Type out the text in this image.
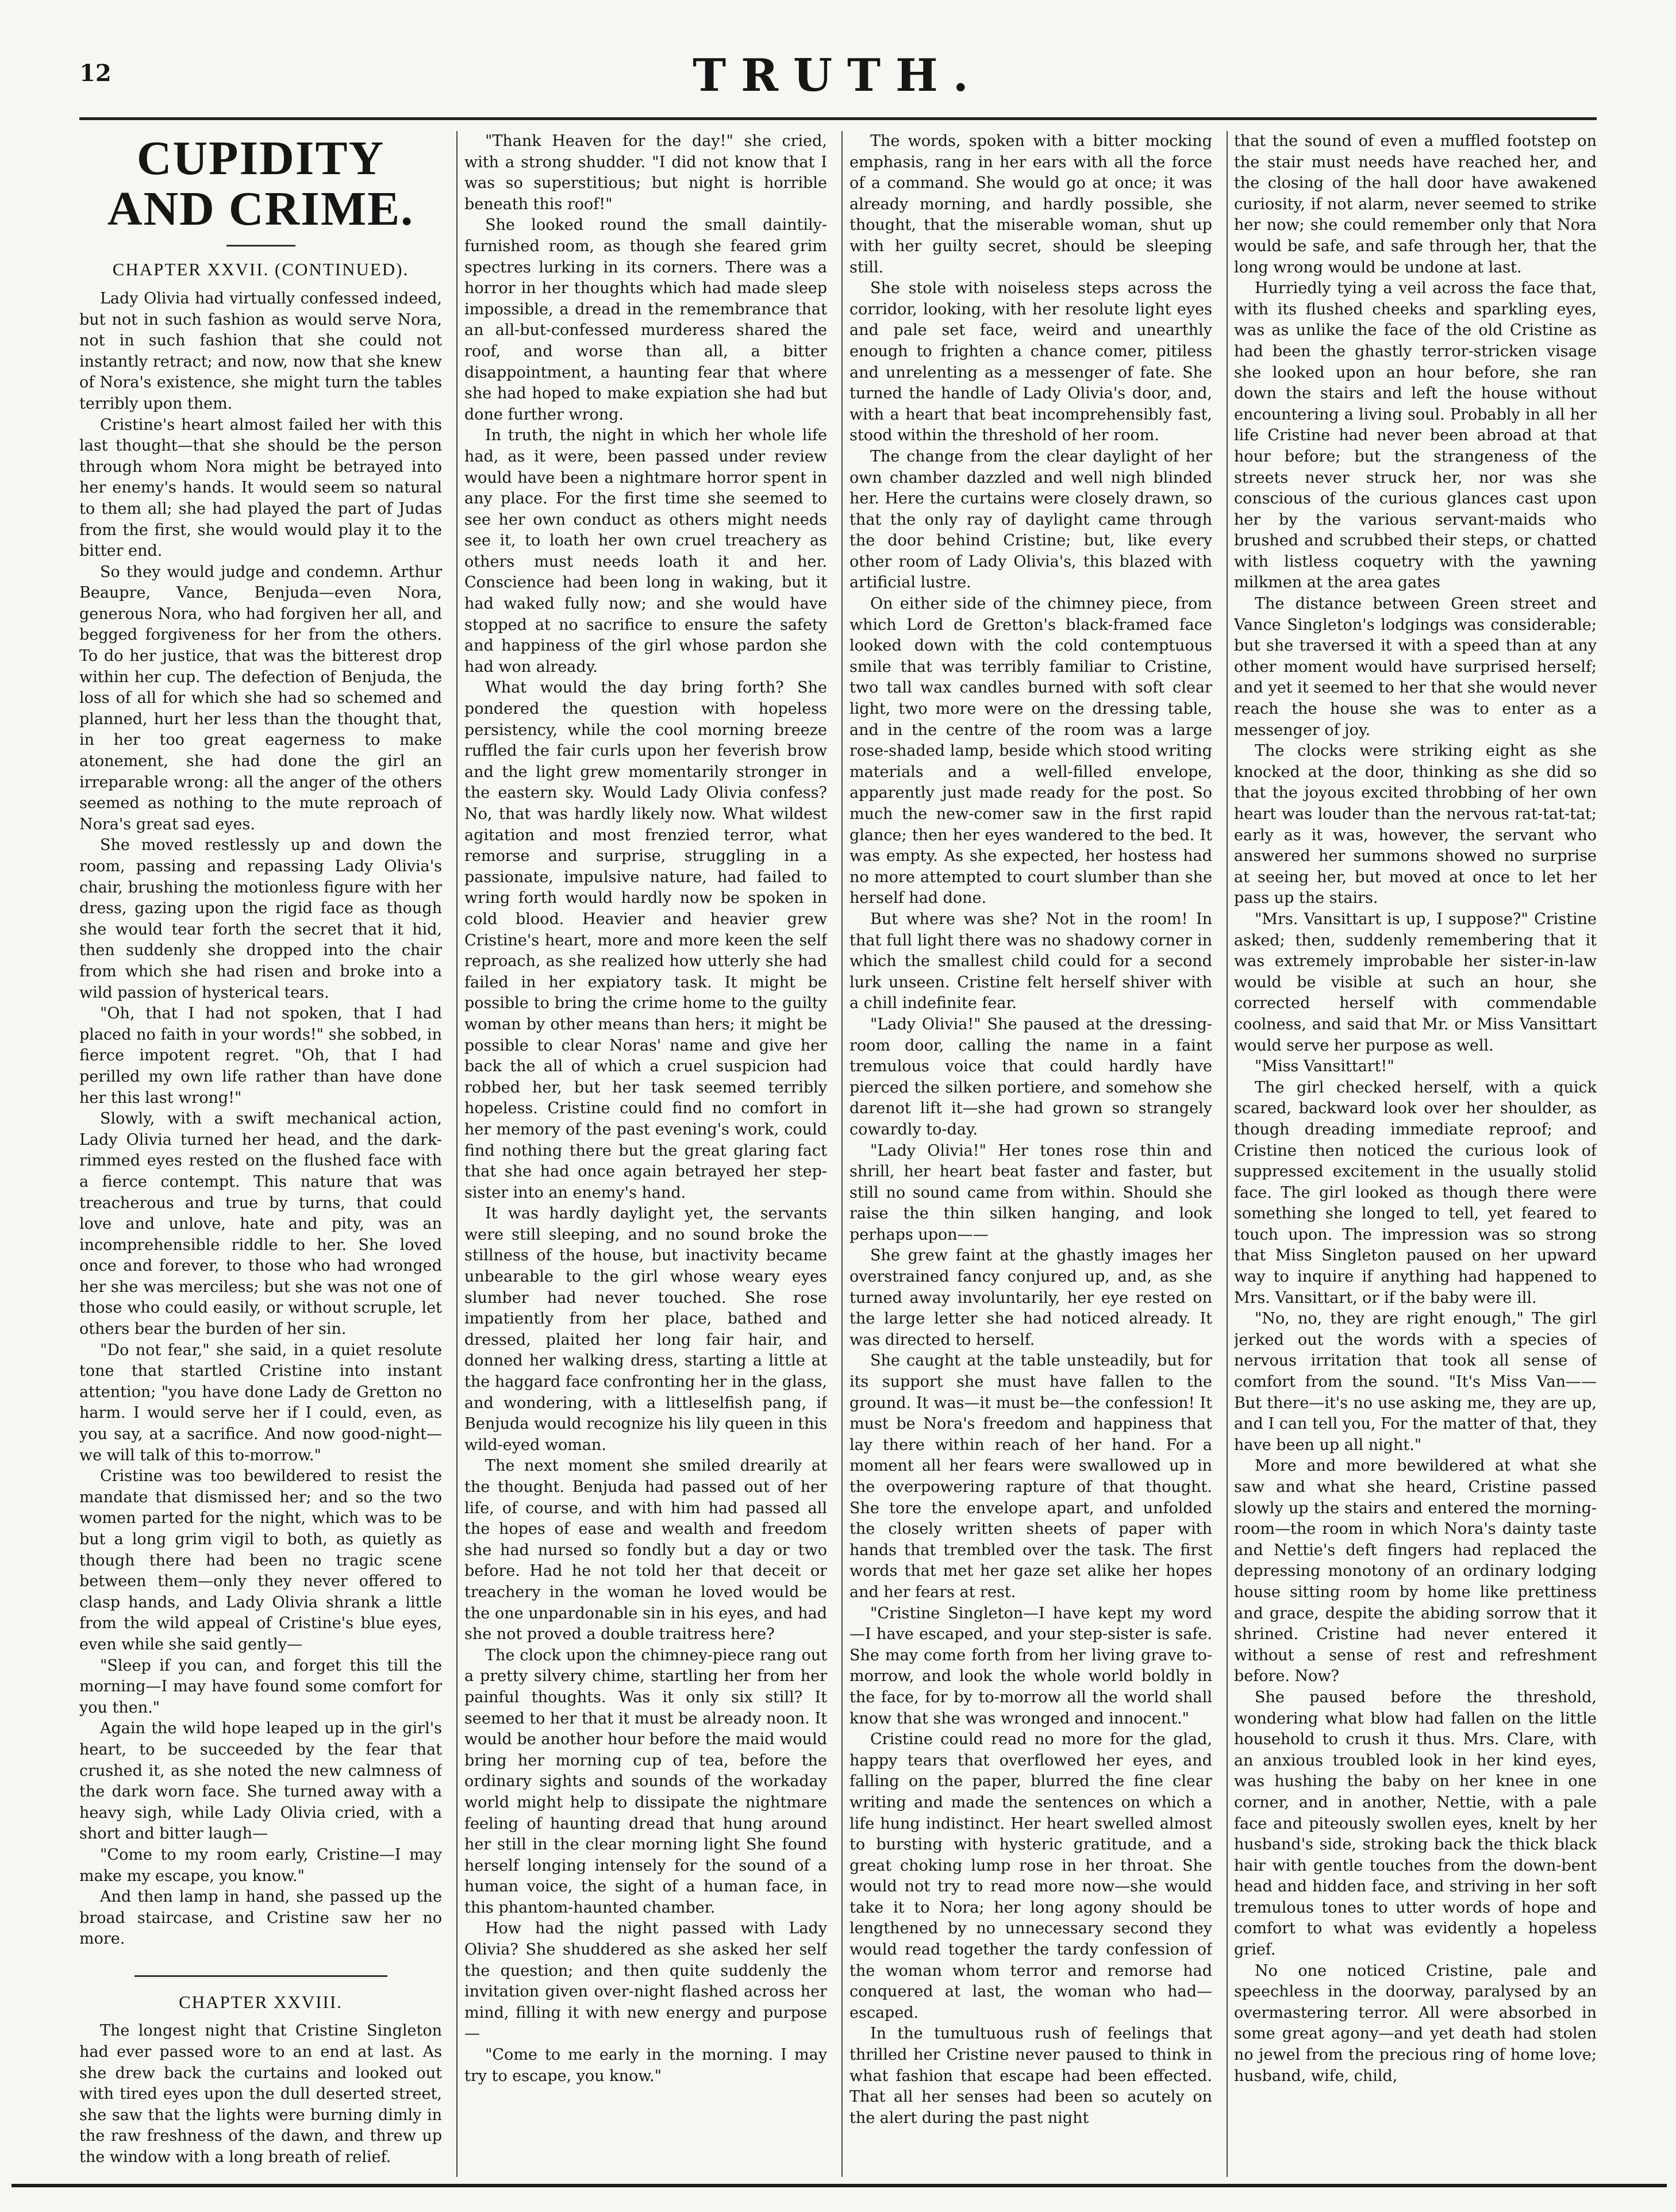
12	TRUTH.
CUPIDITY AND CRIME.
CHAPTER XXVII. (CONTINUED).

Lady Olivia had virtually confessed indeed, but not in such fashion as would serve Nora, not in such fashion that she could not instantly retract; and now, now that she knew of Nora's existence, she might turn the tables terribly upon them.

Cristine's heart almost failed her with this last thought—that she should be the person through whom Nora might be betrayed into her enemy's hands. It would seem so natural to them all; she had played the part of Judas from the first, she would would play it to the bitter end.

So they would judge and condemn. Arthur Beaupre, Vance, Benjuda—even Nora, generous Nora, who had forgiven her all, and begged forgiveness for her from the others. To do her justice, that was the bitterest drop within her cup. The defection of Benjuda, the loss of all for which she had so schemed and planned, hurt her less than the thought that, in her too great eagerness to make atonement, she had done the girl an irreparable wrong: all the anger of the others seemed as nothing to the mute reproach of Nora's great sad eyes.

She moved restlessly up and down the room, passing and repassing Lady Olivia's chair, brushing the motionless figure with her dress, gazing upon the rigid face as though she would tear forth the secret that it hid, then suddenly she dropped into the chair from which she had risen and broke into a wild passion of hysterical tears.

"Oh, that I had not spoken, that I had placed no faith in your words!" she sobbed, in fierce impotent regret. "Oh, that I had perilled my own life rather than have done her this last wrong!"

Slowly, with a swift mechanical action, Lady Olivia turned her head, and the dark-rimmed eyes rested on the flushed face with a fierce contempt. This nature that was treacherous and true by turns, that could love and unlove, hate and pity, was an incomprehensible riddle to her. She loved once and forever, to those who had wronged her she was merciless; but she was not one of those who could easily, or without scruple, let others bear the burden of her sin.

"Do not fear," she said, in a quiet resolute tone that startled Cristine into instant attention; "you have done Lady de Gretton no harm. I would serve her if I could, even, as you say, at a sacrifice. And now good-night—we will talk of this to-morrow."

Cristine was too bewildered to resist the mandate that dismissed her; and so the two women parted for the night, which was to be but a long grim vigil to both, as quietly as though there had been no tragic scene between them—only they never offered to clasp hands, and Lady Olivia shrank a little from the wild appeal of Cristine's blue eyes, even while she said gently—

"Sleep if you can, and forget this till the morning—I may have found some comfort for you then."

Again the wild hope leaped up in the girl's heart, to be succeeded by the fear that crushed it, as she noted the new calmness of the dark worn face. She turned away with a heavy sigh, while Lady Olivia cried, with a short and bitter laugh—

"Come to my room early, Cristine—I may make my escape, you know."

And then lamp in hand, she passed up the broad staircase, and Cristine saw her no more.

CHAPTER XXVIII.

The longest night that Cristine Singleton had ever passed wore to an end at last. As she drew back the curtains and looked out with tired eyes upon the dull deserted street, she saw that the lights were burning dimly in the raw freshness of the dawn, and threw up the window with a long breath of relief.

"Thank Heaven for the day!" she cried, with a strong shudder. "I did not know that I was so superstitious; but night is horrible beneath this roof!"

She looked round the small daintily-furnished room, as though she feared grim spectres lurking in its corners. There was a horror in her thoughts which had made sleep impossible, a dread in the remembrance that an all-but-confessed murderess shared the roof, and worse than all, a bitter disappointment, a haunting fear that where she had hoped to make expiation she had but done further wrong.

In truth, the night in which her whole life had, as it were, been passed under review would have been a nightmare horror spent in any place. For the first time she seemed to see her own conduct as others might needs see it, to loath her own cruel treachery as others must needs loath it and her. Conscience had been long in waking, but it had waked fully now; and she would have stopped at no sacrifice to ensure the safety and happiness of the girl whose pardon she had won already.

What would the day bring forth? She pondered the question with hopeless persistency, while the cool morning breeze ruffled the fair curls upon her feverish brow and the light grew momentarily stronger in the eastern sky. Would Lady Olivia confess? No, that was hardly likely now. What wildest agitation and most frenzied terror, what remorse and surprise, struggling in a passionate, impulsive nature, had failed to wring forth would hardly now be spoken in cold blood. Heavier and heavier grew Cristine's heart, more and more keen the self reproach, as she realized how utterly she had failed in her expiatory task. It might be possible to bring the crime home to the guilty woman by other means than hers; it might be possible to clear Noras' name and give her back the all of which a cruel suspicion had robbed her, but her task seemed terribly hopeless. Cristine could find no comfort in her memory of the past evening's work, could find nothing there but the great glaring fact that she had once again betrayed her step-sister into an enemy's hand.

It was hardly daylight yet, the servants were still sleeping, and no sound broke the stillness of the house, but inactivity became unbearable to the girl whose weary eyes slumber had never touched. She rose impatiently from her place, bathed and dressed, plaited her long fair hair, and donned her walking dress, starting a little at the haggard face confronting her in the glass, and wondering, with a littleselfish pang, if Benjuda would recognize his lily queen in this wild-eyed woman.

The next moment she smiled drearily at the thought. Benjuda had passed out of her life, of course, and with him had passed all the hopes of ease and wealth and freedom she had nursed so fondly but a day or two before. Had he not told her that deceit or treachery in the woman he loved would be the one unpardonable sin in his eyes, and had she not proved a double traitress here?

The clock upon the chimney-piece rang out a pretty silvery chime, startling her from her painful thoughts. Was it only six still? It seemed to her that it must be already noon. It would be another hour before the maid would bring her morning cup of tea, before the ordinary sights and sounds of the workaday world might help to dissipate the nightmare feeling of haunting dread that hung around her still in the clear morning light She found herself longing intensely for the sound of a human voice, the sight of a human face, in this phantom-haunted chamber.

How had the night passed with Lady Olivia? She shuddered as she asked her self the question; and then quite suddenly the invitation given over-night flashed across her mind, filling it with new energy and purpose—

"Come to me early in the morning. I may try to escape, you know."

The words, spoken with a bitter mocking emphasis, rang in her ears with all the force of a command. She would go at once; it was already morning, and hardly possible, she thought, that the miserable woman, shut up with her guilty secret, should be sleeping still.

She stole with noiseless steps across the corridor, looking, with her resolute light eyes and pale set face, weird and unearthly enough to frighten a chance comer, pitiless and unrelenting as a messenger of fate. She turned the handle of Lady Olivia's door, and, with a heart that beat incomprehensibly fast, stood within the threshold of her room.

The change from the clear daylight of her own chamber dazzled and well nigh blinded her. Here the curtains were closely drawn, so that the only ray of daylight came through the door behind Cristine; but, like every other room of Lady Olivia's, this blazed with artificial lustre.

On either side of the chimney piece, from which Lord de Gretton's black-framed face looked down with the cold contemptuous smile that was terribly familiar to Cristine, two tall wax candles burned with soft clear light, two more were on the dressing table, and in the centre of the room was a large rose-shaded lamp, beside which stood writing materials and a well-filled envelope, apparently just made ready for the post. So much the new-comer saw in the first rapid glance; then her eyes wandered to the bed. It was empty. As she expected, her hostess had no more attempted to court slumber than she herself had done.

But where was she? Not in the room! In that full light there was no shadowy corner in which the smallest child could for a second lurk unseen. Cristine felt herself shiver with a chill indefinite fear.

"Lady Olivia!" She paused at the dressing-room door, calling the name in a faint tremulous voice that could hardly have pierced the silken portiere, and somehow she darenot lift it—she had grown so strangely cowardly to-day.

"Lady Olivia!" Her tones rose thin and shrill, her heart beat faster and faster, but still no sound came from within. Should she raise the thin silken hanging, and look perhaps upon——

She grew faint at the ghastly images her overstrained fancy conjured up, and, as she turned away involuntarily, her eye rested on the large letter she had noticed already. It was directed to herself.

She caught at the table unsteadily, but for its support she must have fallen to the ground. It was—it must be—the confession! It must be Nora's freedom and happiness that lay there within reach of her hand. For a moment all her fears were swallowed up in the overpowering rapture of that thought. She tore the envelope apart, and unfolded the closely written sheets of paper with hands that trembled over the task. The first words that met her gaze set alike her hopes and her fears at rest.

"Cristine Singleton—I have kept my word—I have escaped, and your step-sister is safe. She may come forth from her living grave to-morrow, and look the whole world boldly in the face, for by to-morrow all the world shall know that she was wronged and innocent."

Cristine could read no more for the glad, happy tears that overflowed her eyes, and falling on the paper, blurred the fine clear writing and made the sentences on which a life hung indistinct. Her heart swelled almost to bursting with hysteric gratitude, and a great choking lump rose in her throat. She would not try to read more now—she would take it to Nora; her long agony should be lengthened by no unnecessary second they would read together the tardy confession of the woman whom terror and remorse had conquered at last, the woman who had—escaped.

In the tumultuous rush of feelings that thrilled her Cristine never paused to think in what fashion that escape had been effected. That all her senses had been so acutely on the alert during the past night

that the sound of even a muffled footstep on the stair must needs have reached her, and the closing of the hall door have awakened curiosity, if not alarm, never seemed to strike her now; she could remember only that Nora would be safe, and safe through her, that the long wrong would be undone at last.

Hurriedly tying a veil across the face that, with its flushed cheeks and sparkling eyes, was as unlike the face of the old Cristine as had been the ghastly terror-stricken visage she looked upon an hour before, she ran down the stairs and left the house without encountering a living soul. Probably in all her life Cristine had never been abroad at that hour before; but the strangeness of the streets never struck her, nor was she conscious of the curious glances cast upon her by the various servant-maids who brushed and scrubbed their steps, or chatted with listless coquetry with the yawning milkmen at the area gates

The distance between Green street and Vance Singleton's lodgings was considerable; but she traversed it with a speed than at any other moment would have surprised herself; and yet it seemed to her that she would never reach the house she was to enter as a messenger of joy.

The clocks were striking eight as she knocked at the door, thinking as she did so that the joyous excited throbbing of her own heart was louder than the nervous rat-tat-tat; early as it was, however, the servant who answered her summons showed no surprise at seeing her, but moved at once to let her pass up the stairs.

"Mrs. Vansittart is up, I suppose?" Cristine asked; then, suddenly remembering that it was extremely improbable her sister-in-law would be visible at such an hour, she corrected herself with commendable coolness, and said that Mr. or Miss Vansittart would serve her purpose as well.

"Miss Vansittart!"

The girl checked herself, with a quick scared, backward look over her shoulder, as though dreading immediate reproof; and Cristine then noticed the curious look of suppressed excitement in the usually stolid face. The girl looked as though there were something she longed to tell, yet feared to touch upon. The impression was so strong that Miss Singleton paused on her upward way to inquire if anything had happened to Mrs. Vansittart, or if the baby were ill.

"No, no, they are right enough," The girl jerked out the words with a species of nervous irritation that took all sense of comfort from the sound. "It's Miss Van—— But there—it's no use asking me, they are up, and I can tell you, For the matter of that, they have been up all night."

More and more bewildered at what she saw and what she heard, Cristine passed slowly up the stairs and entered the morning-room—the room in which Nora's dainty taste and Nettie's deft fingers had replaced the depressing monotony of an ordinary lodging house sitting room by home like prettiness and grace, despite the abiding sorrow that it shrined. Cristine had never entered it without a sense of rest and refreshment before. Now?

She paused before the threshold, wondering what blow had fallen on the little household to crush it thus. Mrs. Clare, with an anxious troubled look in her kind eyes, was hushing the baby on her knee in one corner, and in another, Nettie, with a pale face and piteously swollen eyes, knelt by her husband's side, stroking back the thick black hair with gentle touches from the down-bent head and hidden face, and striving in her soft tremulous tones to utter words of hope and comfort to what was evidently a hopeless grief.

No one noticed Cristine, pale and speechless in the doorway, paralysed by an overmastering terror. All were absorbed in some great agony—and yet death had stolen no jewel from the precious ring of home love; husband, wife, child,
